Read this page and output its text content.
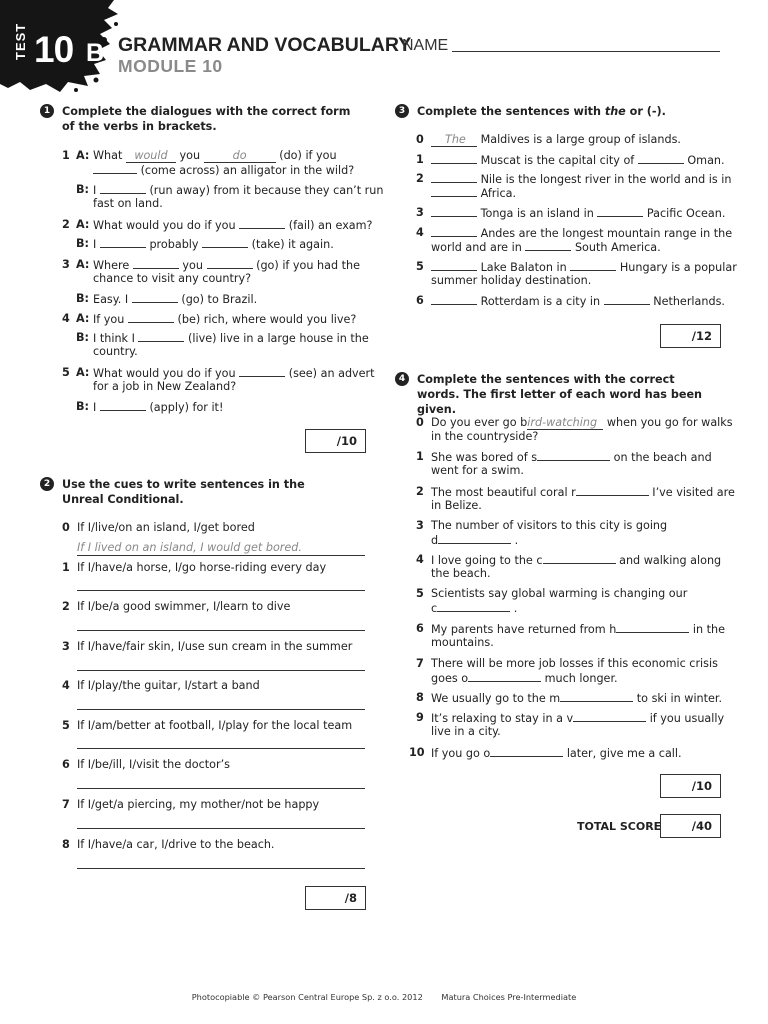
TEST 10 B GRAMMAR AND VOCABULARY
NAME
MODULE 10
1	Complete the dialogues with the correct form of the verbs in brackets.
1 A: What would you	do	(do) if you
(come across) an alligator in the wild?
B: I	(run away) from it because they can’t run
fast on land.
2 A: What would you do if you	(fail) an exam?
B: I	probably	(take) it again.
3 A: Where	you	(go) if you had the
chance to visit any country?
B: Easy. I	(go) to Brazil.
4 A: If you	(be) rich, where would you live?
B: I think I	(live) live in a large house in the
country.
5 A: What would you do if you	(see) an advert
for a job in New Zealand?
B: I	(apply) for it!
/10
2	Use the cues to write sentences in the Unreal Conditional.
0 If I/live/on an island, I/get bored
If I lived on an island, I would get bored.
1 If I/have/a horse, I/go horse-riding every day
2 If I/be/a good swimmer, I/learn to dive
3 If I/have/fair skin, I/use sun cream in the summer
4 If I/play/the guitar, I/start a band
5 If I/am/better at football, I/play for the local team
6 If I/be/ill, I/visit the doctor’s
7 If I/get/a piercing, my mother/not be happy
8 If I/have/a car, I/drive to the beach.
/8
3	Complete the sentences with the or (-).
0	The Maldives is a large group of islands.
1	Muscat is the capital city of	Oman.
2	Nile is the longest river in the world and is in
Africa.
3	Tonga is an island in	Pacific Ocean.
4	Andes are the longest mountain range in the
world and are in	South America.
5	Lake Balaton in	Hungary is a popular
summer holiday destination.
6	Rotterdam is a city in	Netherlands.
/12
4	Complete the sentences with the correct words. The first letter of each word has been given.
0 Do you ever go bird-watching when you go for walks
in the countryside?
1 She was bored of s	on the beach and
went for a swim.
2 The most beautiful coral r	I’ve visited are
in Belize.
3 The number of visitors to this city is going
d	.
4 I love going to the c	and walking along
the beach.
5 Scientists say global warming is changing our
c	.
6 My parents have returned from h	in the
mountains.
7 There will be more job losses if this economic crisis
goes o	much longer.
8 We usually go to the m	to ski in winter.
9 It’s relaxing to stay in a v	if you usually
live in a city.
10 If you go o	later, give me a call.
/10
TOTAL SCORE	/40
Photocopiable © Pearson Central Europe Sp. z o.o. 2012 Matura Choices Pre-Intermediate
